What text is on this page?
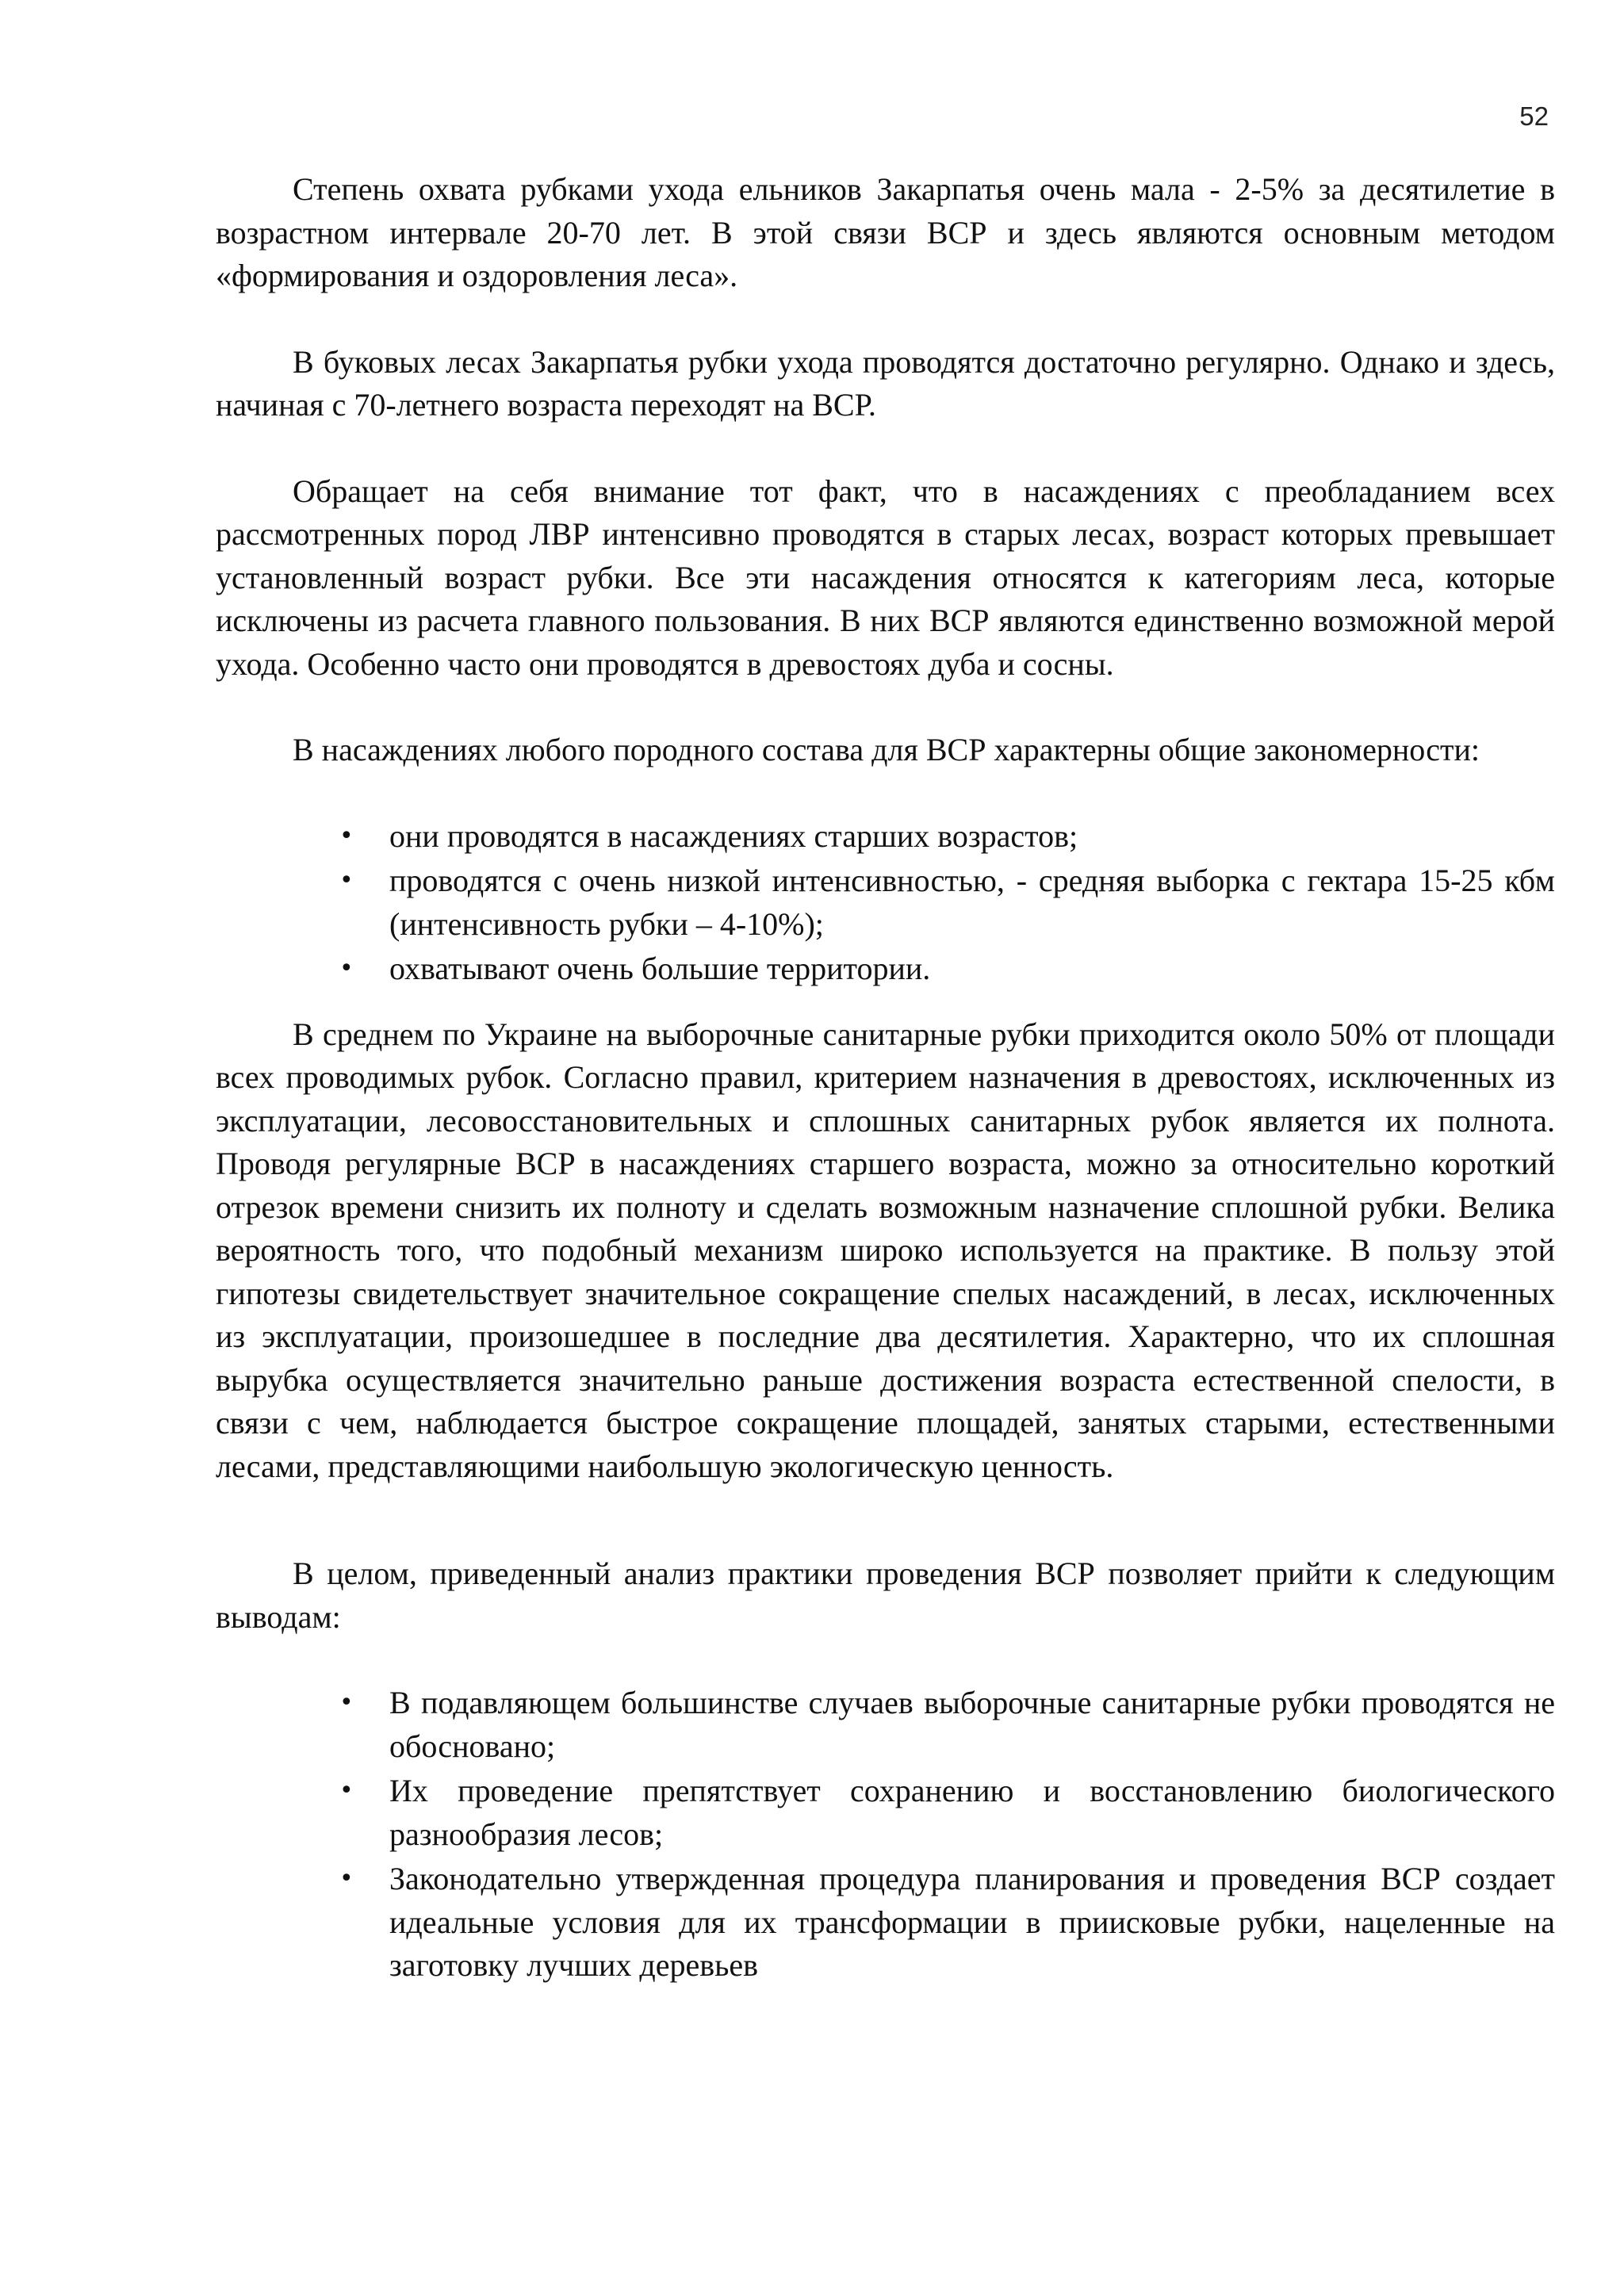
52

Степень охвата рубками ухода ельников Закарпатья очень мала - 2-5% за десятилетие в возрастном интервале 20-70 лет. В этой связи ВСР и здесь являются основным методом «формирования и оздоровления леса».

В буковых лесах Закарпатья рубки ухода проводятся достаточно регулярно. Однако и здесь, начиная с 70-летнего возраста переходят на ВСР.

Обращает на себя внимание тот факт, что в насаждениях с преобладанием всех рассмотренных пород ЛВР интенсивно проводятся в старых лесах, возраст которых превышает установленный возраст рубки. Все эти насаждения относятся к категориям леса, которые исключены из расчета главного пользования. В них ВСР являются единственно возможной мерой ухода. Особенно часто они проводятся в древостоях дуба и сосны.

В насаждениях любого породного состава для ВСР характерны общие закономерности:

• они проводятся в насаждениях старших возрастов;
• проводятся с очень низкой интенсивностью, - средняя выборка с гектара 15-25 кбм (интенсивность рубки – 4-10%);
• охватывают очень большие территории.

В среднем по Украине на выборочные санитарные рубки приходится около 50% от площади всех проводимых рубок. Согласно правил, критерием назначения в древостоях, исключенных из эксплуатации, лесовосстановительных и сплошных санитарных рубок является их полнота. Проводя регулярные ВСР в насаждениях старшего возраста, можно за относительно короткий отрезок времени снизить их полноту и сделать возможным назначение сплошной рубки. Велика вероятность того, что подобный механизм широко используется на практике. В пользу этой гипотезы свидетельствует значительное сокращение спелых насаждений, в лесах, исключенных из эксплуатации, произошедшее в последние два десятилетия. Характерно, что их сплошная вырубка осуществляется значительно раньше достижения возраста естественной спелости, в связи с чем, наблюдается быстрое сокращение площадей, занятых старыми, естественными лесами, представляющими наибольшую экологическую ценность.

В целом, приведенный анализ практики проведения ВСР позволяет прийти к следующим выводам:

• В подавляющем большинстве случаев выборочные санитарные рубки проводятся не обосновано;
• Их проведение препятствует сохранению и восстановлению биологического разнообразия лесов;
• Законодательно утвержденная процедура планирования и проведения ВСР создает идеальные условия для их трансформации в приисковые рубки, нацеленные на заготовку лучших деревьев
